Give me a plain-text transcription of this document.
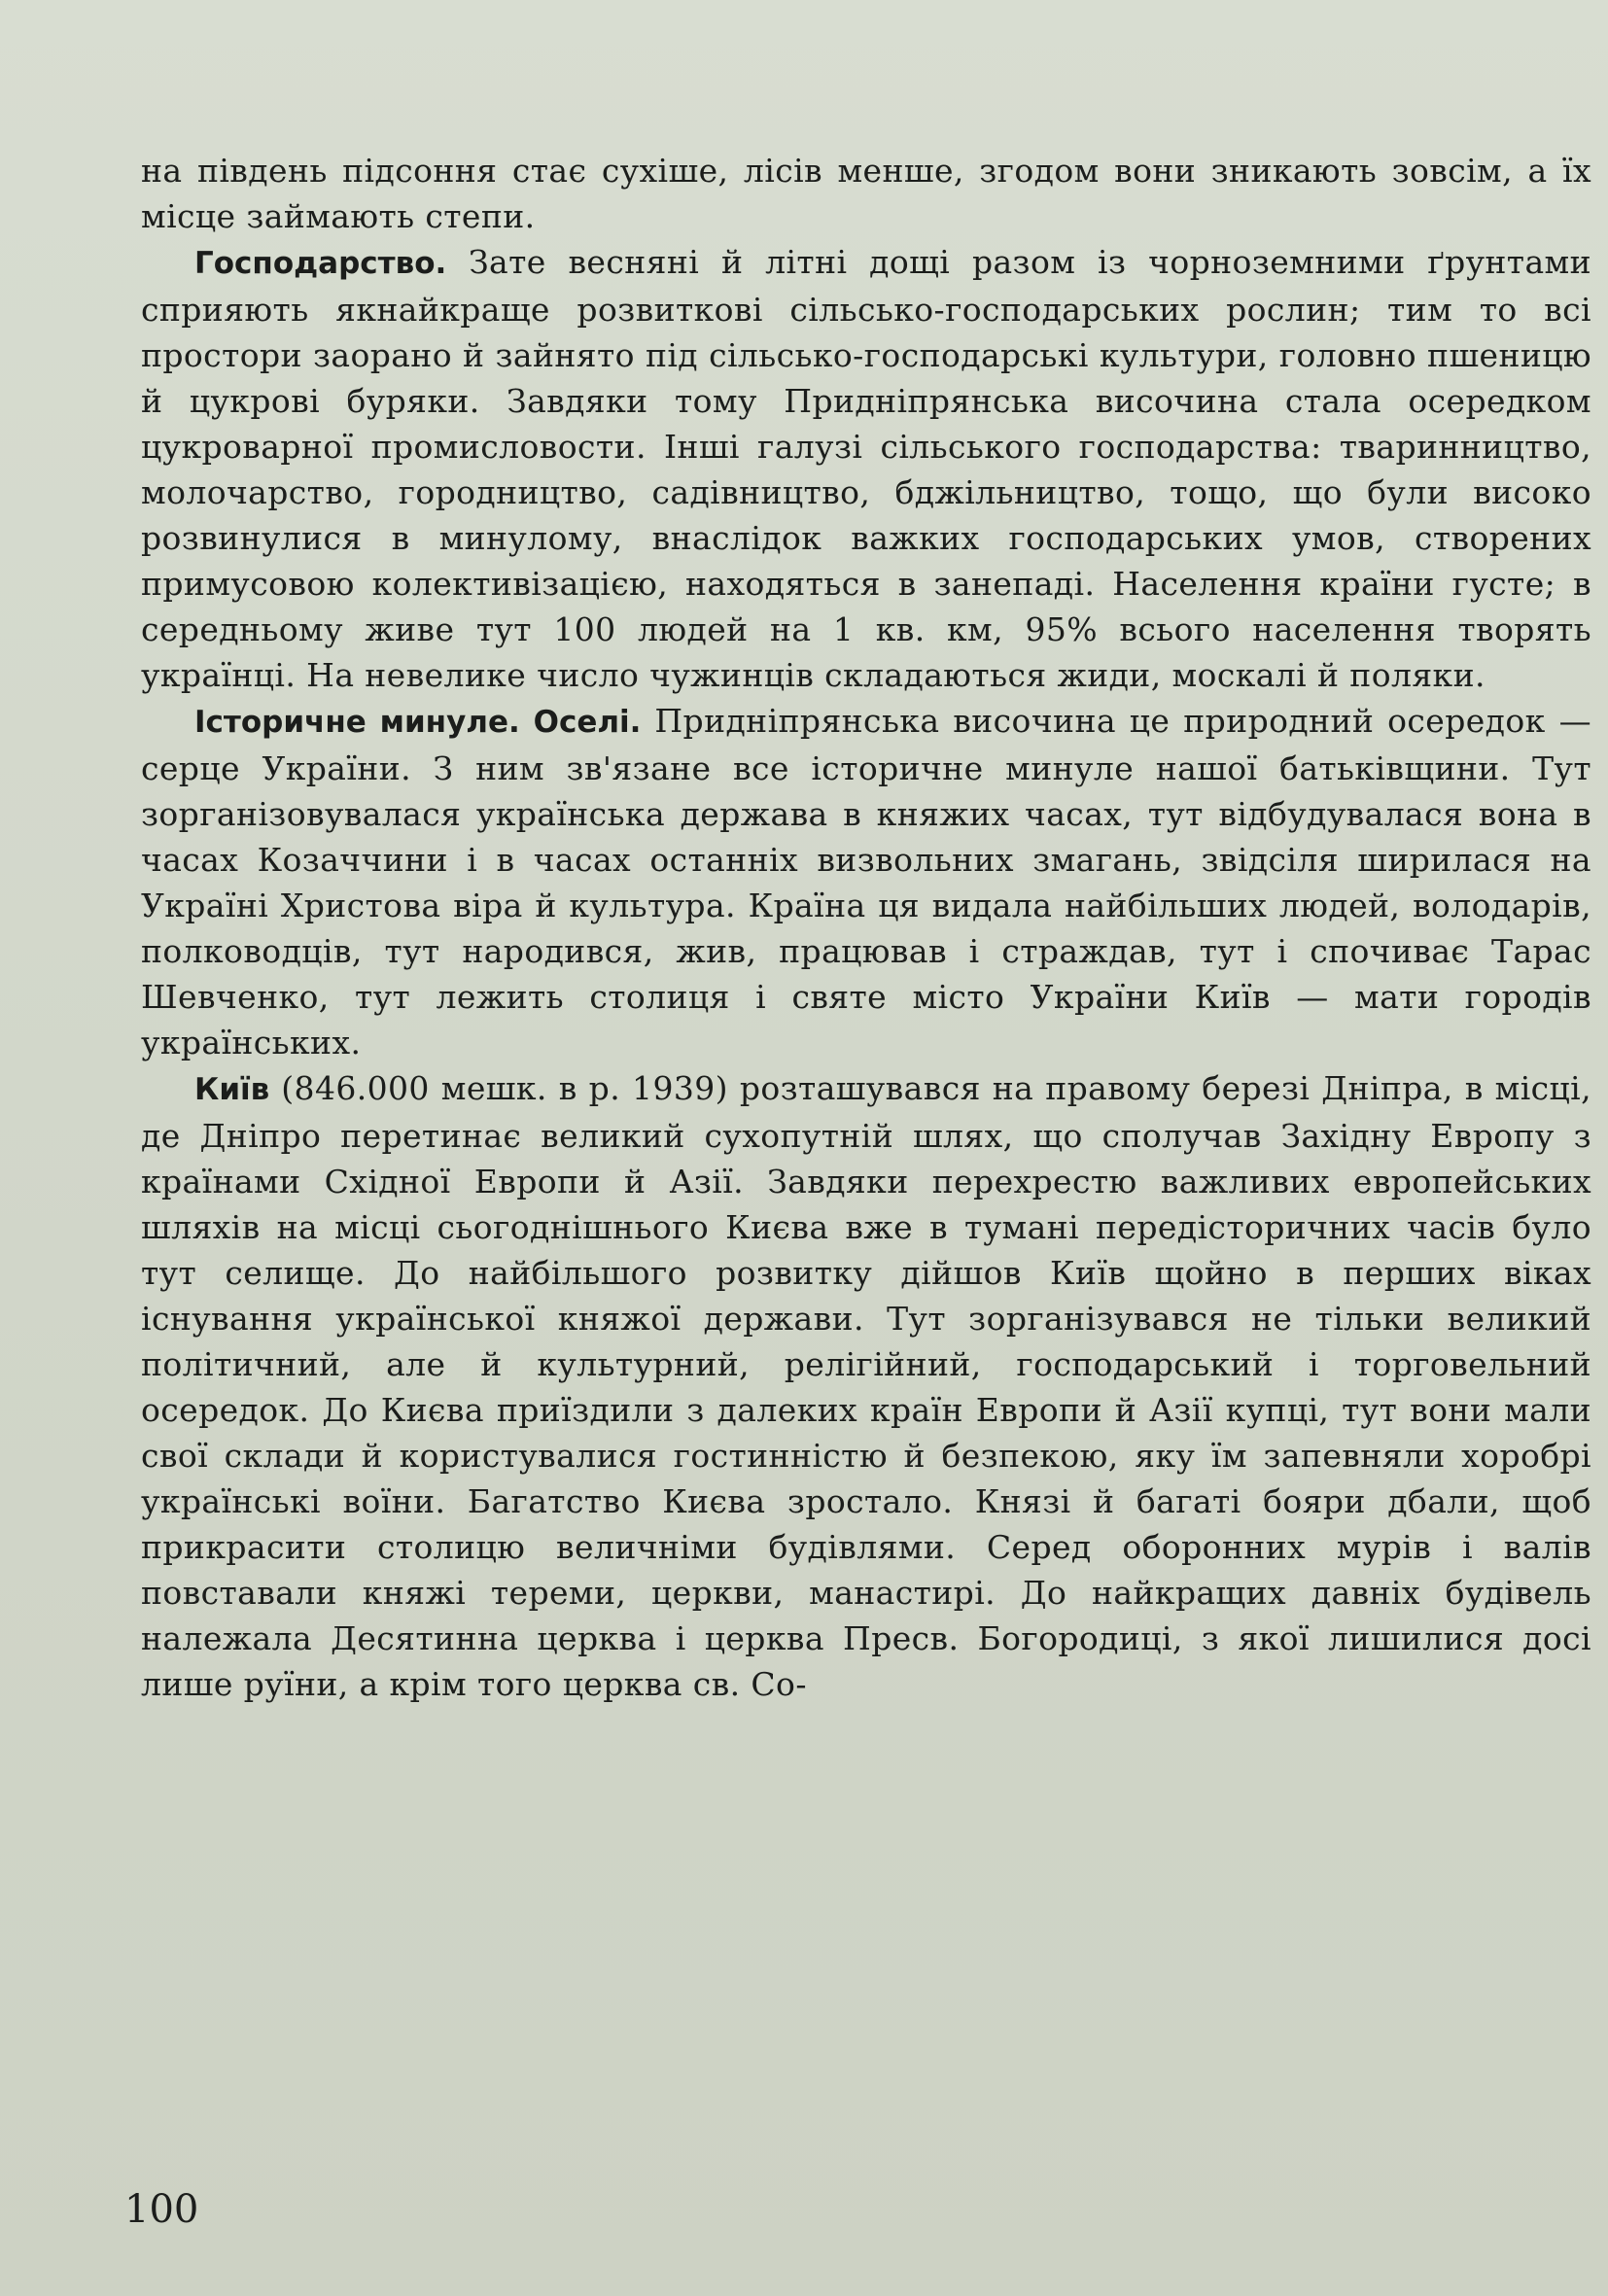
на південь підсоння стає сухіше, лісів менше, згодом вони зникають зовсім, а їх місце займають степи.

Господарство. Зате весняні й літні дощі разом із чорноземними ґрунтами сприяють якнайкраще розвиткові сільсько-господарських рослин; тим то всі простори заорано й зайнято під сільсько-господарські культури, головно пшеницю й цукрові буряки. Завдяки тому Придніпрянська височина стала осередком цукроварної промисловости. Інші галузі сільського господарства: тваринництво, молочарство, городництво, садівництво, бджільництво, тощо, що були високо розвинулися в минулому, внаслідок важких господарських умов, створених примусовою колективізацією, находяться в занепаді. Населення країни густе; в середньому живе тут 100 людей на 1 кв. км, 95% всього населення творять українці. На невелике число чужинців складаються жиди, москалі й поляки.

Історичне минуле. Оселі. Придніпрянська височина це природний осередок — серце України. З ним зв'язане все історичне минуле нашої батьківщини. Тут зорганізовувалася українська держава в княжих часах, тут відбудувалася вона в часах Козаччини і в часах останніх визвольних змагань, звідсіля ширилася на Україні Христова віра й культура. Країна ця видала найбільших людей, володарів, полководців, тут народився, жив, працював і страждав, тут і спочиває Тарас Шевченко, тут лежить столиця і святе місто України Київ — мати городів українських.

Київ (846.000 мешк. в р. 1939) розташувався на правому березі Дніпра, в місці, де Дніпро перетинає великий сухопутній шлях, що сполучав Західну Европу з країнами Східної Европи й Азії. Завдяки перехрестю важливих европейських шляхів на місці сьогоднішнього Києва вже в тумані передісторичних часів було тут селище. До найбільшого розвитку дійшов Київ щойно в перших віках існування української княжої держави. Тут зорганізувався не тільки великий політичний, але й культурний, релігійний, господарський і торговельний осередок. До Києва приїздили з далеких країн Европи й Азії купці, тут вони мали свої склади й користувалися гостинністю й безпекою, яку їм запевняли хоробрі українські воїни. Багатство Києва зростало. Князі й багаті бояри дбали, щоб прикрасити столицю величніми будівлями. Серед оборонних мурів і валів повставали княжі тереми, церкви, манастирі. До найкращих давніх будівель належала Десятинна церква і церква Пресв. Богородиці, з якої лишилися досі лише руїни, а крім того церква св. Со-

100
